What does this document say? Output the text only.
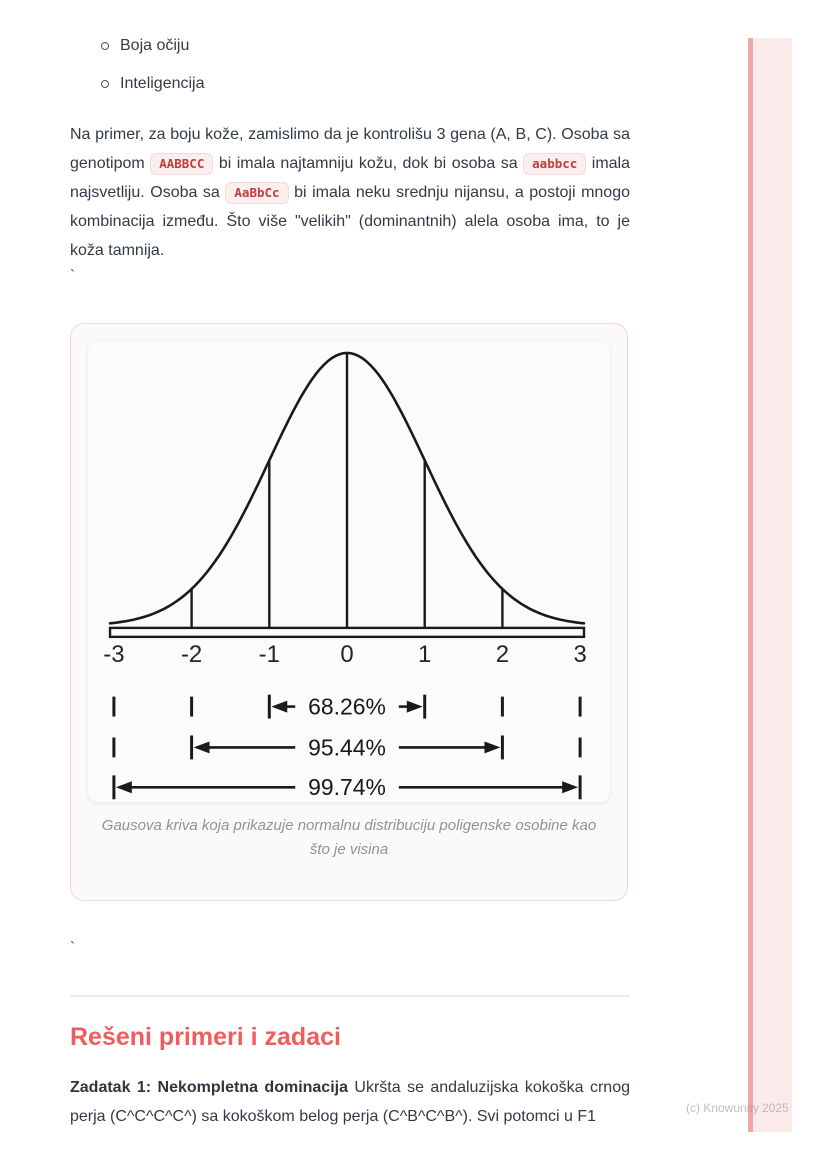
Boja očiju
Inteligencija

Na primer, za boju kože, zamislimo da je kontrolišu 3 gena (A, B, C). Osoba sa genotipom AABBCC bi imala najtamniju kožu, dok bi osoba sa aabbcc imala najsvetliju. Osoba sa AaBbCc bi imala neku srednju nijansu, a postoji mnogo kombinacija između. Što više "velikih" (dominantnih) alela osoba ima, to je koža tamnija.

`
-3 -2 -1	0	1	2	3
68.26%
95.44%
99.74%
Gausova kriva koja prikazuje normalnu distribuciju poligenske osobine kao što je visina
`
Rešeni primeri i zadaci

Zadatak 1: Nekompletna dominacija Ukršta se andaluzijska kokoška crnog perja (C^C^C^C^) sa kokoškom belog perja (C^B^C^B^). Svi potomci u F1

(c) Knowunity 2025
